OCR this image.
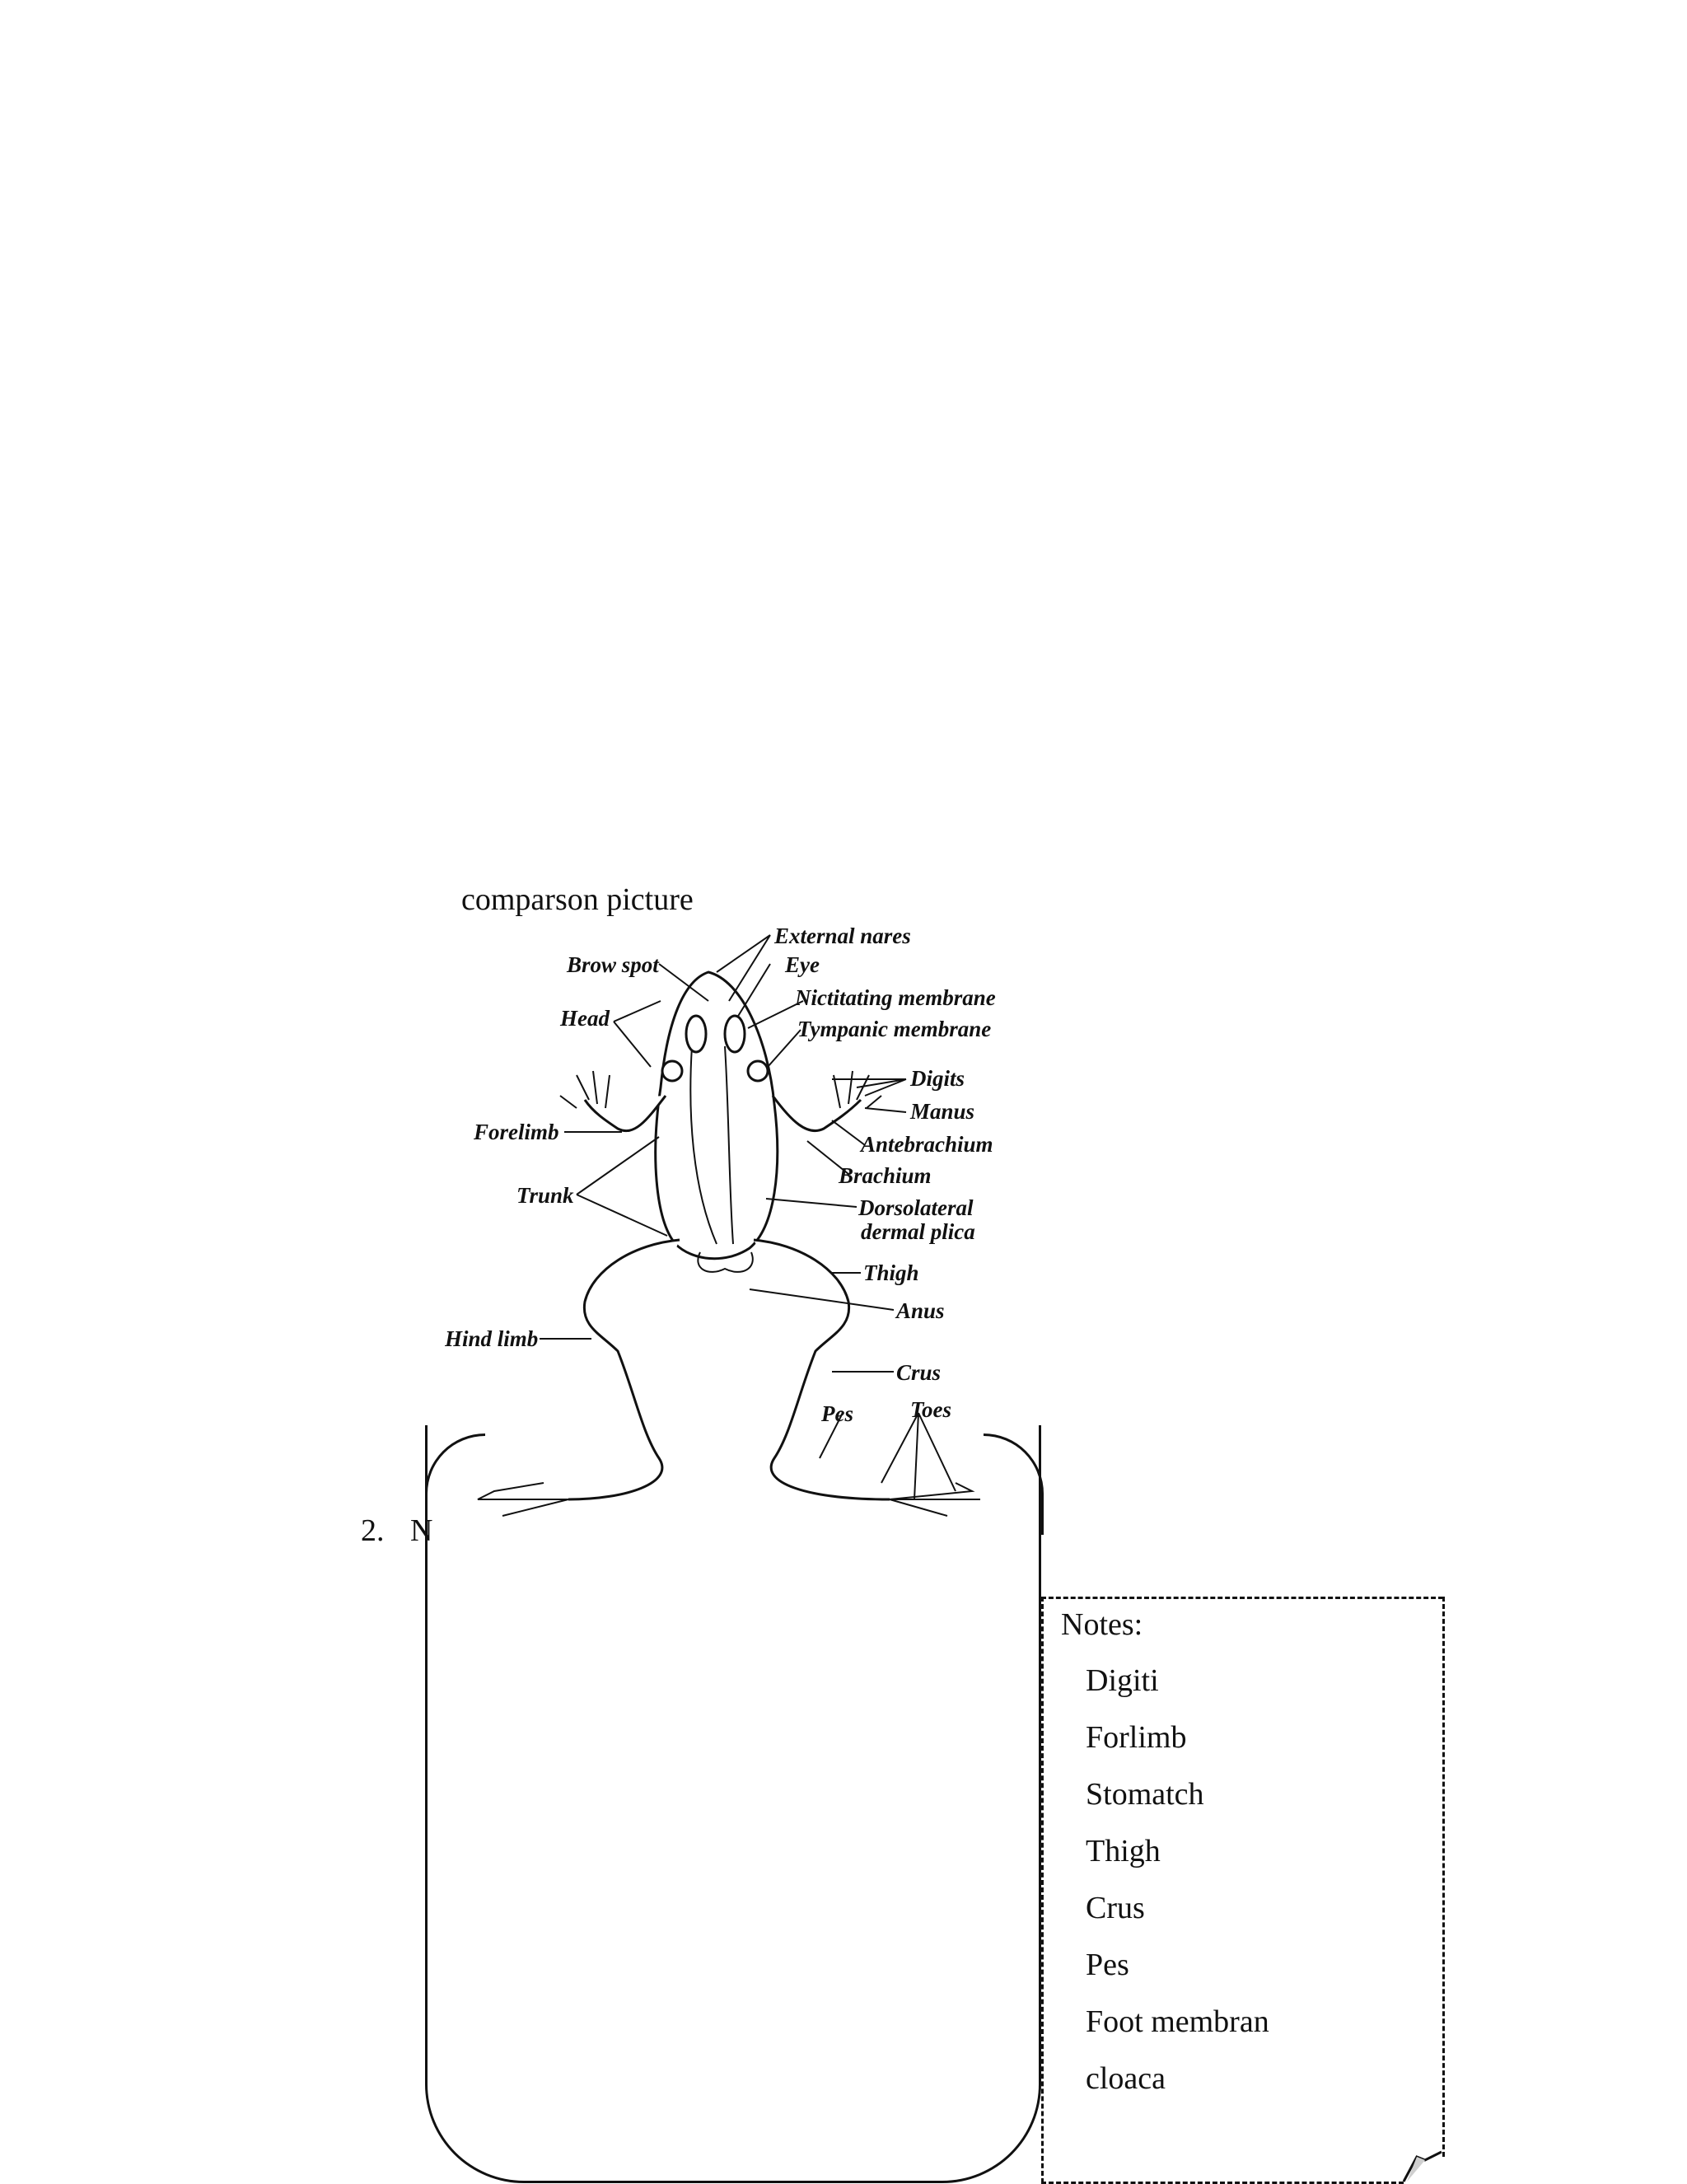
comparson picture
2. N
External nares
Brow spot	Eye
Head
Nictitating membrane
Tympanic membrane
Digits
Manus
Antebrachium
Forelimb
Brachium
Trunk	Dorsolateral
dermal plica
Thigh
Anus
Hind limb
Crus
Pes	Toes
Notes:
Digiti
Forlimb
Stomatch
Thigh
Crus
Pes
Foot membran
cloaca
